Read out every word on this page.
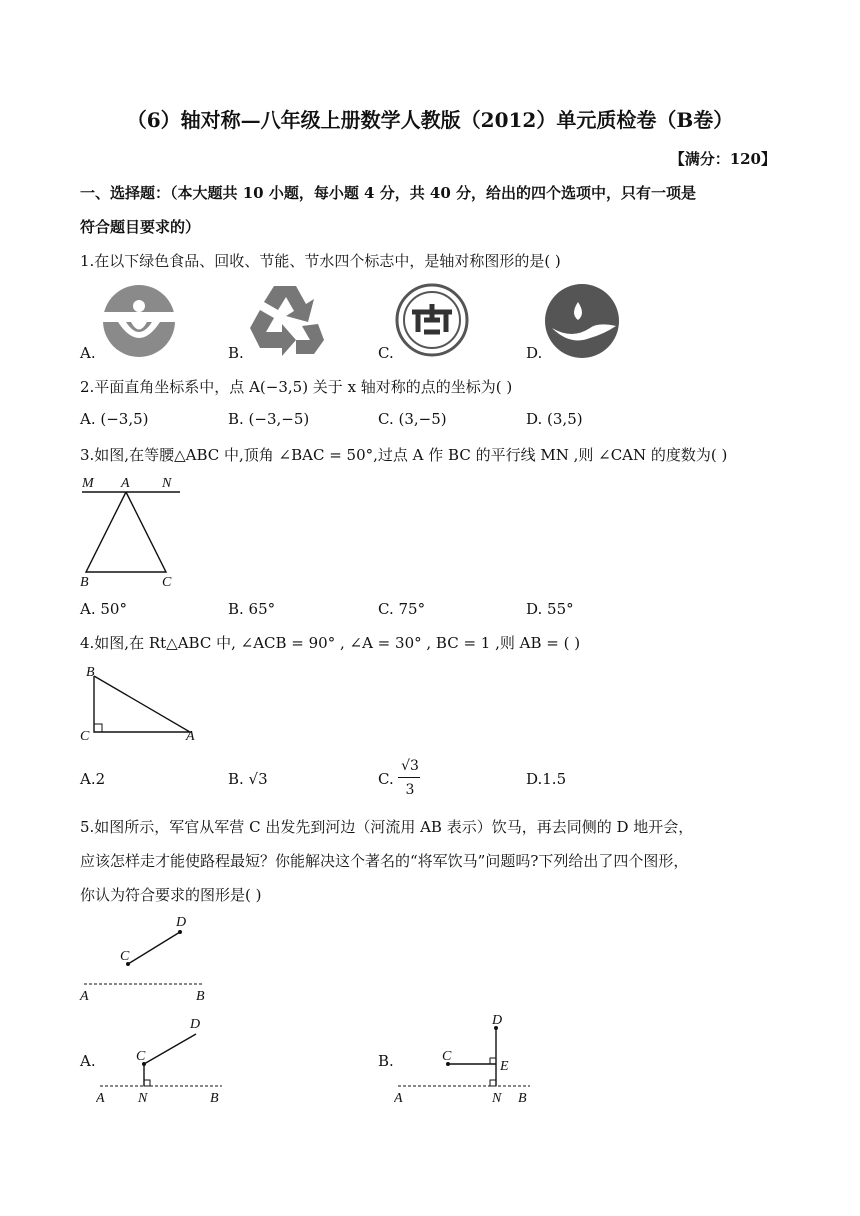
（6）轴对称—八年级上册数学人教版（2012）单元质检卷（B卷）
【满分：120】
一、选择题：（本大题共 10 小题，每小题 4 分，共 40 分，给出的四个选项中，只有一项是
符合题目要求的）
1.在以下绿色食品、回收、节能、节水四个标志中，是轴对称图形的是( )
A.	B.	C.	D.
2.平面直角坐标系中，点 A(−3,5) 关于 x 轴对称的点的坐标为( )
A. (−3,5)	B. (−3,−5)	C. (3,−5)	D. (3,5)
3.如图,在等腰△ABC 中,顶角 ∠BAC = 50°,过点 A 作 BC 的平行线 MN ,则 ∠CAN 的度数为( )
M A N
B	C
A. 50°	B. 65°	C. 75°	D. 55°
4.如图,在 Rt△ABC 中, ∠ACB = 90° , ∠A = 30° , BC = 1 ,则 AB = ( )
B
C	A
A.2	B. √3	C.
√3
3
D.1.5
5.如图所示，军官从军营 C 出发先到河边（河流用 AB 表示）饮马，再去同侧的 D 地开会，
应该怎样走才能使路程最短？你能解决这个著名的“将军饮马”问题吗?下列给出了四个图形，
你认为符合要求的图形是( )
D
C
A	B
A.
D
C
A N	B
B.
D
C
E
A	N B
